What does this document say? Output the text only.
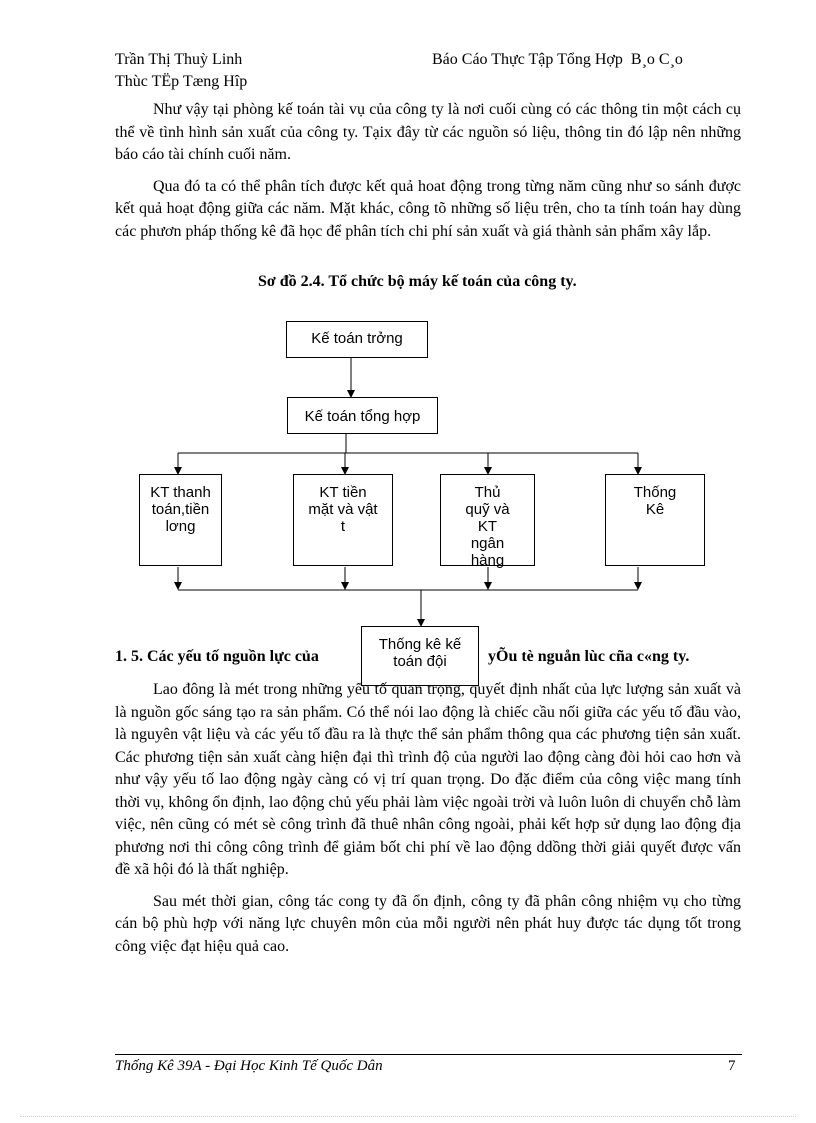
Trần Thị Thuỳ Linh
Thùc TËp Tæng Hîp
Báo Cáo Thực Tập Tổng Hợp B¸o C¸o

Như vậy tại phòng kế toán tài vụ của công ty là nơi cuối cùng có các thông tin một cách cụ thể về tình hình sản xuất của công ty. Tạix đây từ các nguồn só liệu, thông tin đó lập nên những báo cáo tài chính cuối năm.

Qua đó ta có thể phân tích được kết quả hoat động trong từng năm cũng như so sánh được kết quả hoạt động giữa các năm. Mặt khác, công tõ những số liệu trên, cho ta tính toán hay dùng các phươn pháp thống kê đã học để phân tích chi phí sản xuất và giá thành sản phẩm xây lắp.

Sơ đồ 2.4. Tổ chức bộ máy kế toán của công ty.
Kế toán trởng
Kế toán tổng hợp
KT thanh toán,tiền lơng
KT tiền mặt và vật t
Thủ quỹ và KT ngân hàng
Thống Kê
1. 5. Các yếu tố nguồn lực của	yÕu tè nguån lùc cña c«ng ty.
Thống kê kế toán đội

Lao đông là mét trong những yếu tố quan trọng, quyết định nhất của lực lượng sản xuất và là nguồn gốc sáng tạo ra sản phẩm. Có thể nói lao động là chiếc cầu nối giữa các yếu tố đầu vào, là nguyên vật liệu và các yếu tố đầu ra là thực thể sản phẩm thông qua các phương tiện sản xuất. Các phương tiện sản xuất càng hiện đại thì trình độ của người lao động càng đòi hỏi cao hơn và như vậy yếu tố lao động ngày càng có vị trí quan trọng. Do đặc điểm của công việc mang tính thời vụ, không ổn định, lao động chủ yếu phải làm việc ngoài trời và luôn luôn di chuyển chỗ làm việc, nên cũng có mét sè công trình đã thuê nhân công ngoài, phải kết hợp sử dụng lao động địa phương nơi thi công công trình để giảm bốt chi phí về lao động ddồng thời giải quyết được vấn đề xã hội đó là thất nghiệp.

Sau mét thời gian, công tác cong ty đã ổn định, công ty đã phân công nhiệm vụ cho từng cán bộ phù hợp với năng lực chuyên môn của mỗi người nên phát huy được tác dụng tốt trong công việc đạt hiệu quả cao.

Thống Kê 39A - Đại Học Kinh Tế Quốc Dân	7
